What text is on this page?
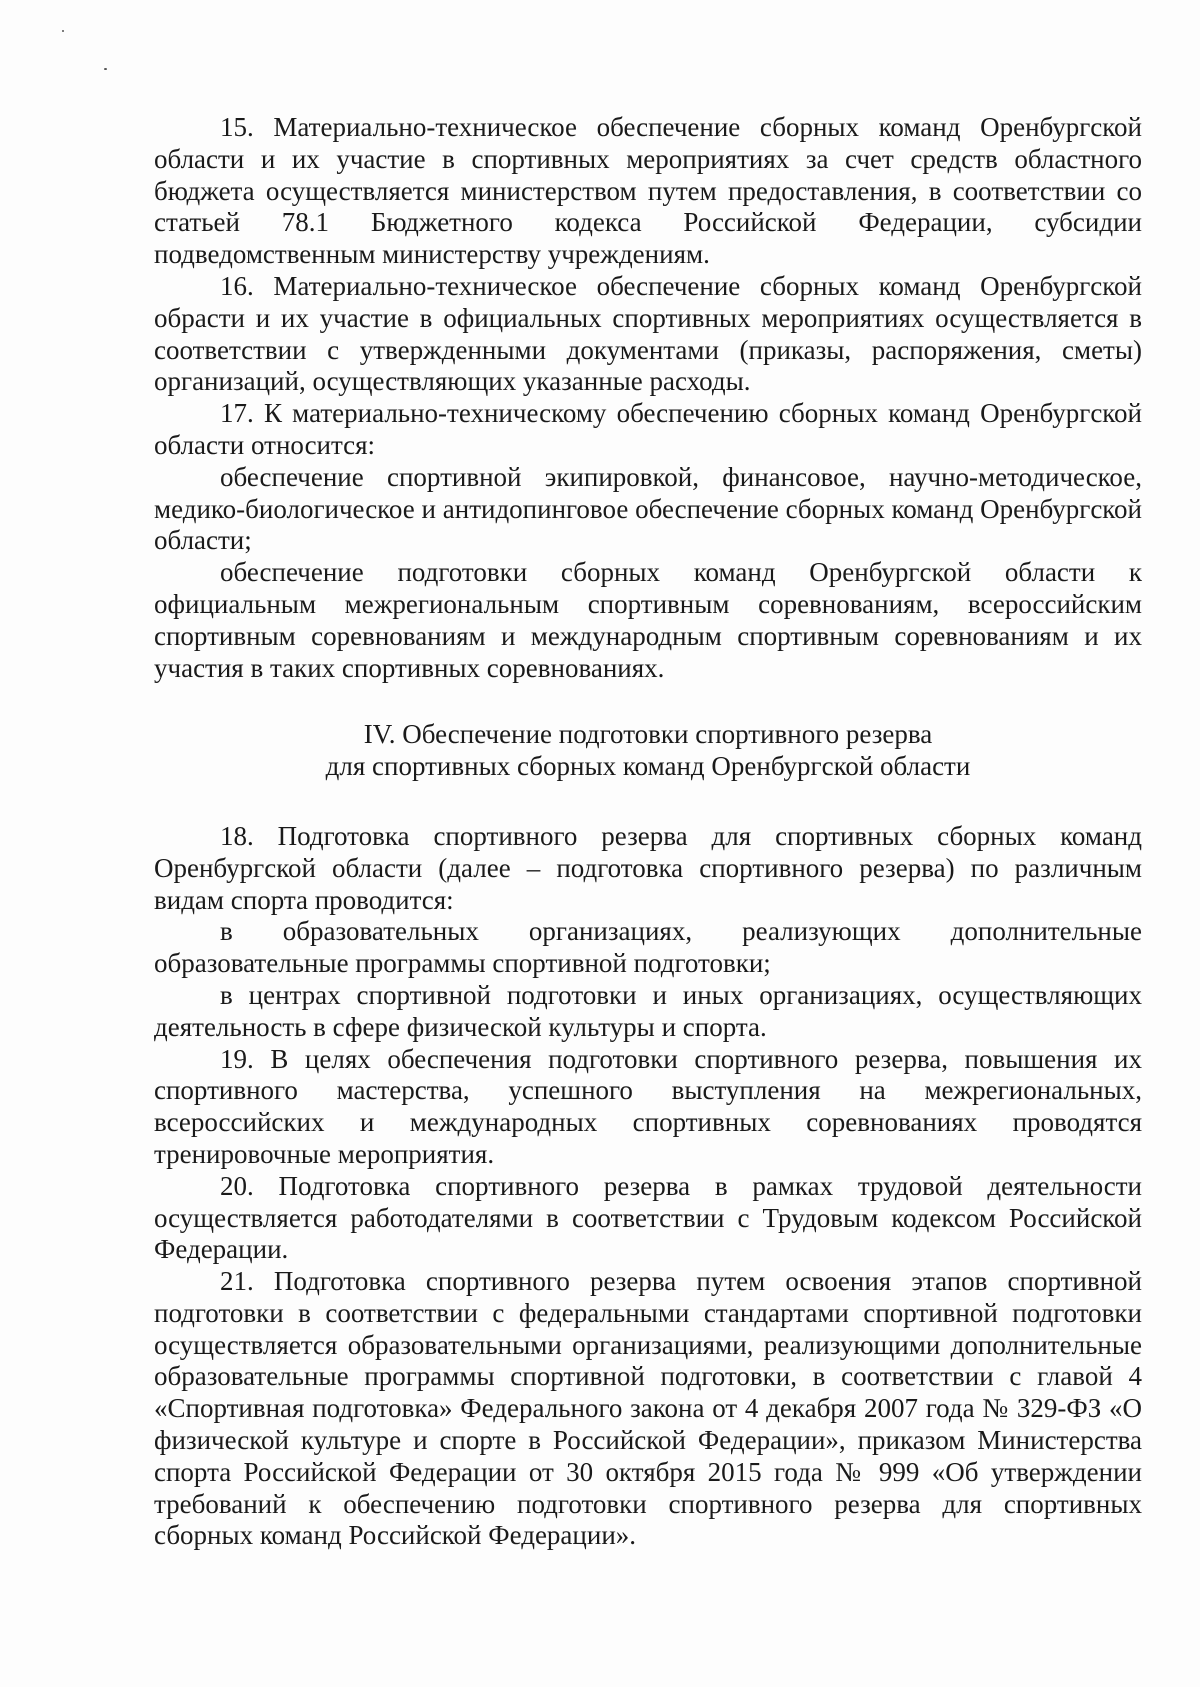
15. Материально-техническое обеспечение сборных команд Оренбургской области и их участие в спортивных мероприятиях за счет средств областного бюджета осуществляется министерством путем предоставления, в соответствии со статьей 78.1 Бюджетного кодекса Российской Федерации, субсидии подведомственным министерству учреждениям.

16. Материально-техническое обеспечение сборных команд Оренбургской обрасти и их участие в официальных спортивных мероприятиях осуществляется в соответствии с утвержденными документами (приказы, распоряжения, сметы) организаций, осуществляющих указанные расходы.

17. К материально-техническому обеспечению сборных команд Оренбургской области относится:

обеспечение спортивной экипировкой, финансовое, научно-методическое, медико-биологическое и антидопинговое обеспечение сборных команд Оренбургской области;

обеспечение подготовки сборных команд Оренбургской области к официальным межрегиональным спортивным соревнованиям, всероссийским спортивным соревнованиям и международным спортивным соревнованиям и их участия в таких спортивных соревнованиях.

IV. Обеспечение подготовки спортивного резерва
для спортивных сборных команд Оренбургской области

18. Подготовка спортивного резерва для спортивных сборных команд Оренбургской области (далее – подготовка спортивного резерва) по различным видам спорта проводится:

в образовательных организациях, реализующих дополнительные образовательные программы спортивной подготовки;

в центрах спортивной подготовки и иных организациях, осуществляющих деятельность в сфере физической культуры и спорта.

19. В целях обеспечения подготовки спортивного резерва, повышения их спортивного мастерства, успешного выступления на межрегиональных, всероссийских и международных спортивных соревнованиях проводятся тренировочные мероприятия.

20. Подготовка спортивного резерва в рамках трудовой деятельности осуществляется работодателями в соответствии с Трудовым кодексом Российской Федерации.

21. Подготовка спортивного резерва путем освоения этапов спортивной подготовки в соответствии с федеральными стандартами спортивной подготовки осуществляется образовательными организациями, реализующими дополнительные образовательные программы спортивной подготовки, в соответствии с главой 4 «Спортивная подготовка» Федерального закона от 4 декабря 2007 года № 329-ФЗ «О физической культуре и спорте в Российской Федерации», приказом Министерства спорта Российской Федерации от 30 октября 2015 года № 999 «Об утверждении требований к обеспечению подготовки спортивного резерва для спортивных сборных команд Российской Федерации».
